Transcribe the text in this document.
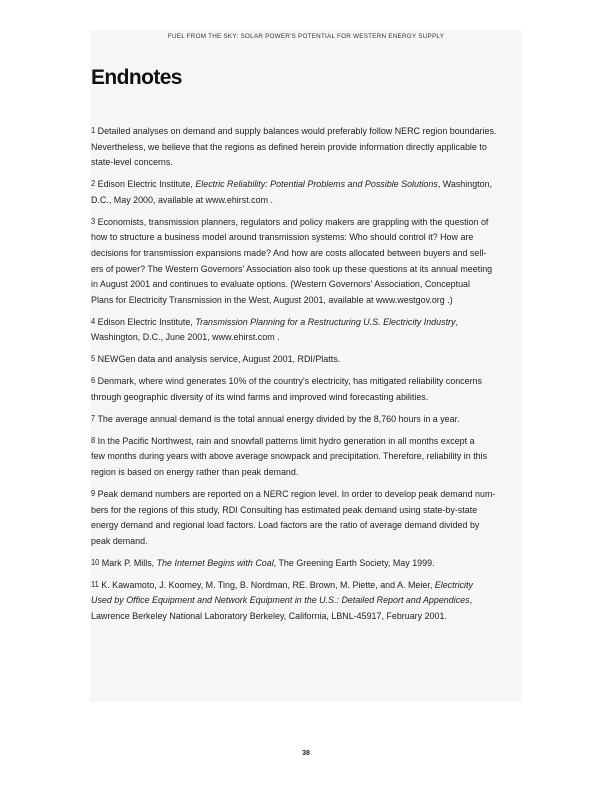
FUEL FROM THE SKY: SOLAR POWER'S POTENTIAL FOR WESTERN ENERGY SUPPLY
Endnotes

$^1$ Detailed analyses on demand and supply balances would preferably follow NERC region boundaries.
Nevertheless, we believe that the regions as defined herein provide information directly applicable to
state-level concerns.

$^2$ Edison Electric Institute, Electric Reliability: Potential Problems and Possible Solutions, Washington,
D.C., May 2000, available at www.ehirst.com .

$^3$ Economists, transmission planners, regulators and policy makers are grappling with the question of
how to structure a business model around transmission systems: Who should control it? How are
decisions for transmission expansions made? And how are costs allocated between buyers and sell-
ers of power? The Western Governors' Association also took up these questions at its annual meeting
in August 2001 and continues to evaluate options. (Western Governors' Association, Conceptual
Plans for Electricity Transmission in the West, August 2001, available at www.westgov.org .)

$^4$ Edison Electric Institute, Transmission Planning for a Restructuring U.S. Electricity Industry,
Washington, D.C., June 2001, www.ehirst.com .

$^5$ NEWGen data and analysis service, August 2001, RDI/Platts.

$^6$ Denmark, where wind generates 10% of the country's electricity, has mitigated reliability concerns
through geographic diversity of its wind farms and improved wind forecasting abilities.

$^7$ The average annual demand is the total annual energy divided by the 8,760 hours in a year.

$^8$ In the Pacific Northwest, rain and snowfall patterns limit hydro generation in all months except a
few months during years with above average snowpack and precipitation. Therefore, reliability in this
region is based on energy rather than peak demand.

$^9$ Peak demand numbers are reported on a NERC region level. In order to develop peak demand num-
bers for the regions of this study, RDI Consulting has estimated peak demand using state-by-state
energy demand and regional load factors. Load factors are the ratio of average demand divided by
peak demand.

$^{10}$ Mark P. Mills, The Internet Begins with Coal, The Greening Earth Society, May 1999.

$^{11}$ K. Kawamoto, J. Koomey, M. Ting, B. Nordman, RE. Brown, M. Piette, and A. Meier, Electricity
Used by Office Equipment and Network Equipment in the U.S.: Detailed Report and Appendices,
Lawrence Berkeley National Laboratory Berkeley, California, LBNL-45917, February 2001.

38
